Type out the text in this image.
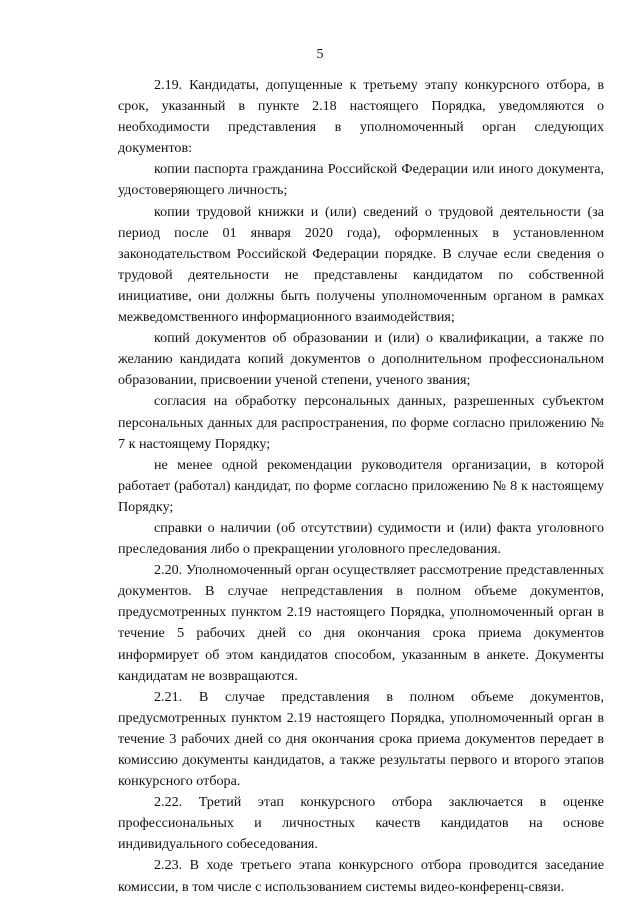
5

2.19. Кандидаты, допущенные к третьему этапу конкурсного отбора, в срок, указанный в пункте 2.18 настоящего Порядка, уведомляются о необходимости представления в уполномоченный орган следующих документов:

копии паспорта гражданина Российской Федерации или иного документа, удостоверяющего личность;

копии трудовой книжки и (или) сведений о трудовой деятельности (за период после 01 января 2020 года), оформленных в установленном законодательством Российской Федерации порядке. В случае если сведения о трудовой деятельности не представлены кандидатом по собственной инициативе, они должны быть получены уполномоченным органом в рамках межведомственного информационного взаимодействия;

копий документов об образовании и (или) о квалификации, а также по желанию кандидата копий документов о дополнительном профессиональном образовании, присвоении ученой степени, ученого звания;

согласия на обработку персональных данных, разрешенных субъектом персональных данных для распространения, по форме согласно приложению № 7 к настоящему Порядку;

не менее одной рекомендации руководителя организации, в которой работает (работал) кандидат, по форме согласно приложению № 8 к настоящему Порядку;

справки о наличии (об отсутствии) судимости и (или) факта уголовного преследования либо о прекращении уголовного преследования.

2.20. Уполномоченный орган осуществляет рассмотрение представленных документов. В случае непредставления в полном объеме документов, предусмотренных пунктом 2.19 настоящего Порядка, уполномоченный орган в течение 5 рабочих дней со дня окончания срока приема документов информирует об этом кандидатов способом, указанным в анкете. Документы кандидатам не возвращаются.

2.21. В случае представления в полном объеме документов, предусмотренных пунктом 2.19 настоящего Порядка, уполномоченный орган в течение 3 рабочих дней со дня окончания срока приема документов передает в комиссию документы кандидатов, а также результаты первого и второго этапов конкурсного отбора.

2.22. Третий этап конкурсного отбора заключается в оценке профессиональных и личностных качеств кандидатов на основе индивидуального собеседования.

2.23. В ходе третьего этапа конкурсного отбора проводится заседание комиссии, в том числе с использованием системы видео-конференц-связи.
